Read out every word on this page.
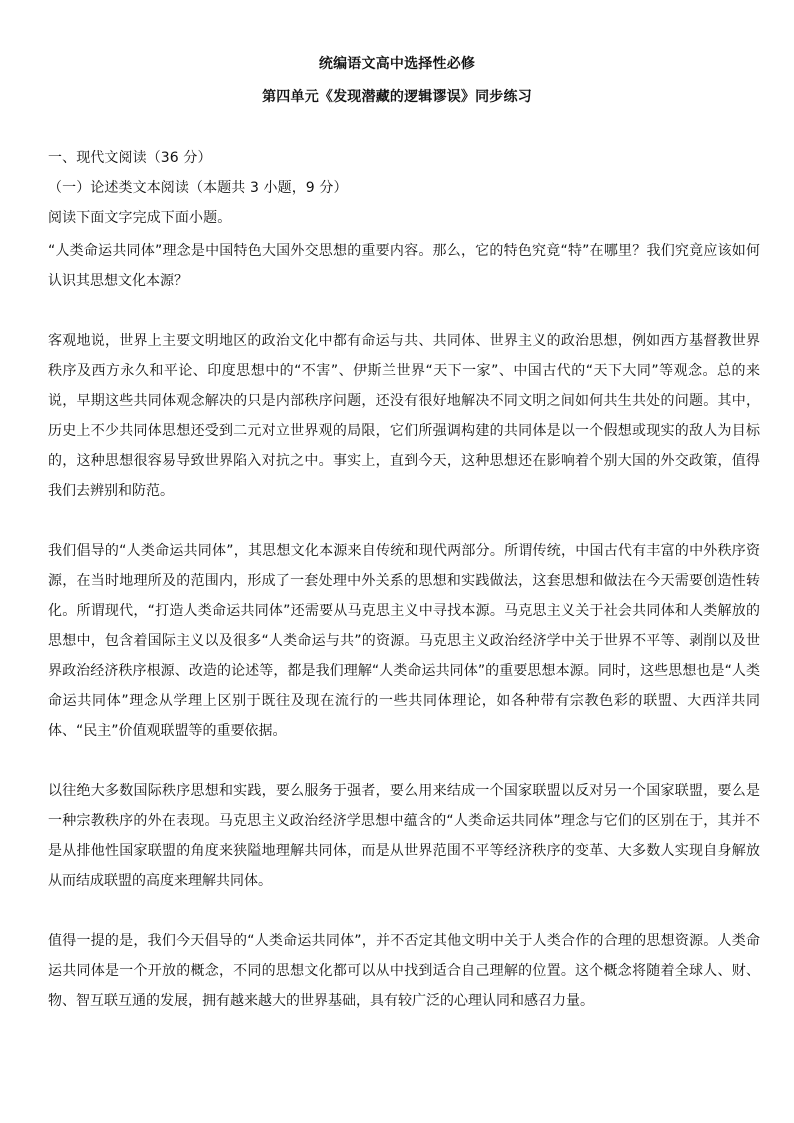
统编语文高中选择性必修
第四单元《发现潜藏的逻辑谬误》同步练习
一、现代文阅读（36 分）
（一）论述类文本阅读（本题共 3 小题，9 分）
阅读下面文字完成下面小题。

“人类命运共同体”理念是中国特色大国外交思想的重要内容。那么，它的特色究竟“特”在哪里？我们究竟应该如何认识其思想文化本源？

客观地说，世界上主要文明地区的政治文化中都有命运与共、共同体、世界主义的政治思想，例如西方基督教世界秩序及西方永久和平论、印度思想中的“不害”、伊斯兰世界“天下一家”、中国古代的“天下大同”等观念。总的来说，早期这些共同体观念解决的只是内部秩序问题，还没有很好地解决不同文明之间如何共生共处的问题。其中，历史上不少共同体思想还受到二元对立世界观的局限，它们所强调构建的共同体是以一个假想或现实的敌人为目标的，这种思想很容易导致世界陷入对抗之中。事实上，直到今天，这种思想还在影响着个别大国的外交政策，值得我们去辨别和防范。

我们倡导的“人类命运共同体”，其思想文化本源来自传统和现代两部分。所谓传统，中国古代有丰富的中外秩序资源，在当时地理所及的范围内，形成了一套处理中外关系的思想和实践做法，这套思想和做法在今天需要创造性转化。所谓现代，“打造人类命运共同体”还需要从马克思主义中寻找本源。马克思主义关于社会共同体和人类解放的思想中，包含着国际主义以及很多“人类命运与共”的资源。马克思主义政治经济学中关于世界不平等、剥削以及世界政治经济秩序根源、改造的论述等，都是我们理解“人类命运共同体”的重要思想本源。同时，这些思想也是“人类命运共同体”理念从学理上区别于既往及现在流行的一些共同体理论，如各种带有宗教色彩的联盟、大西洋共同体、“民主”价值观联盟等的重要依据。

以往绝大多数国际秩序思想和实践，要么服务于强者，要么用来结成一个国家联盟以反对另一个国家联盟，要么是一种宗教秩序的外在表现。马克思主义政治经济学思想中蕴含的“人类命运共同体”理念与它们的区别在于，其并不是从排他性国家联盟的角度来狭隘地理解共同体，而是从世界范围不平等经济秩序的变革、大多数人实现自身解放从而结成联盟的高度来理解共同体。

值得一提的是，我们今天倡导的“人类命运共同体”，并不否定其他文明中关于人类合作的合理的思想资源。人类命运共同体是一个开放的概念，不同的思想文化都可以从中找到适合自己理解的位置。这个概念将随着全球人、财、物、智互联互通的发展，拥有越来越大的世界基础，具有较广泛的心理认同和感召力量。
